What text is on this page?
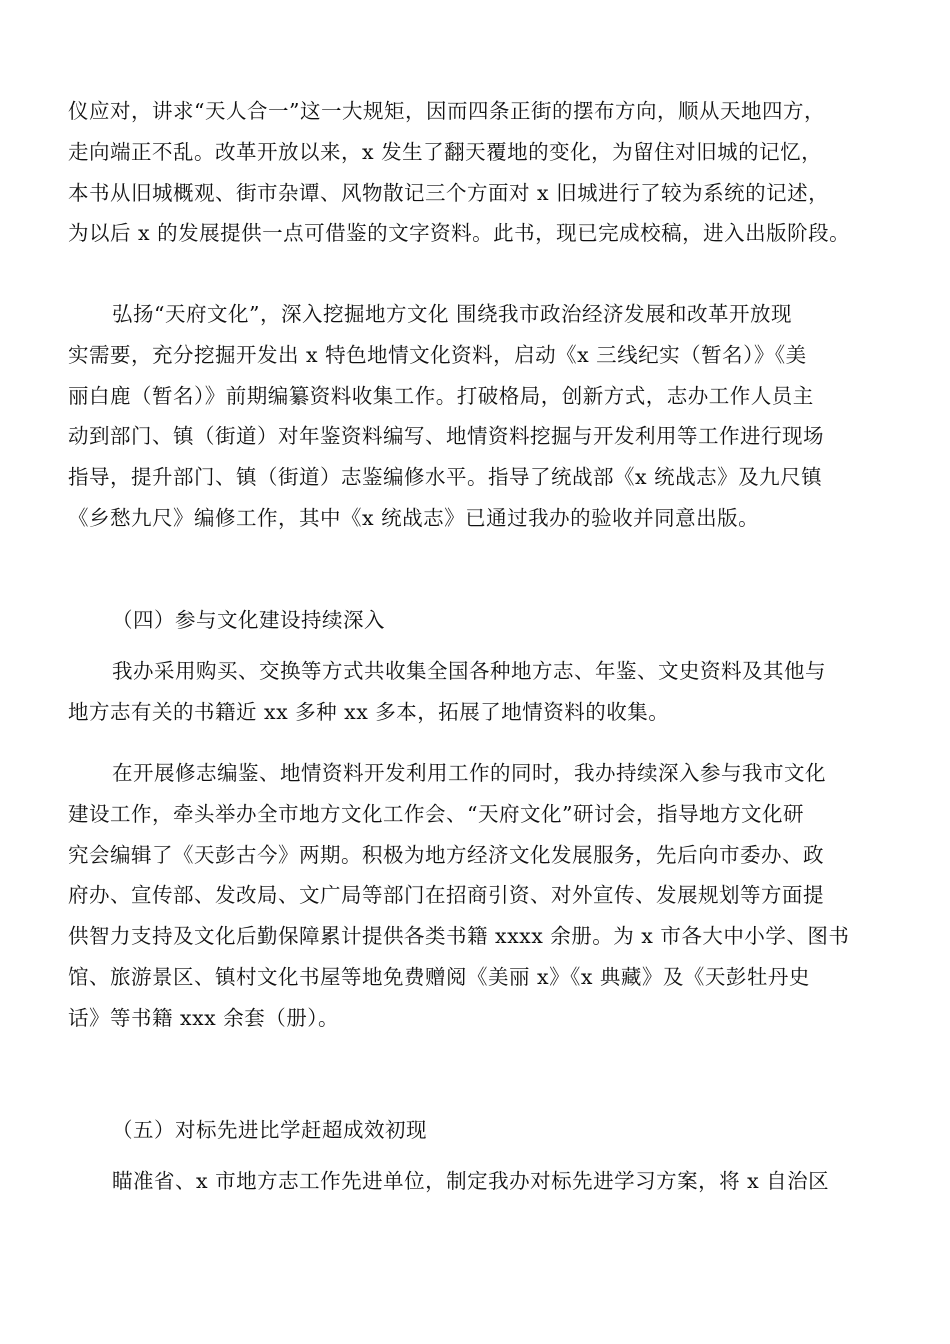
仪应对，讲求“天人合一”这一大规矩，因而四条正街的摆布方向，顺从天地四方，
走向端正不乱。改革开放以来，x 发生了翻天覆地的变化，为留住对旧城的记忆，
本书从旧城概观、街市杂谭、风物散记三个方面对 x 旧城进行了较为系统的记述，
为以后 x 的发展提供一点可借鉴的文字资料。此书，现已完成校稿，进入出版阶段。
弘扬“天府文化”，深入挖掘地方文化 围绕我市政治经济发展和改革开放现
实需要，充分挖掘开发出 x 特色地情文化资料，启动《x 三线纪实（暂名）》《美
丽白鹿（暂名）》前期编纂资料收集工作。打破格局，创新方式，志办工作人员主
动到部门、镇（街道）对年鉴资料编写、地情资料挖掘与开发利用等工作进行现场
指导，提升部门、镇（街道）志鉴编修水平。指导了统战部《x 统战志》及九尺镇
《乡愁九尺》编修工作，其中《x 统战志》已通过我办的验收并同意出版。
（四）参与文化建设持续深入
我办采用购买、交换等方式共收集全国各种地方志、年鉴、文史资料及其他与
地方志有关的书籍近 xx 多种 xx 多本，拓展了地情资料的收集。
在开展修志编鉴、地情资料开发利用工作的同时，我办持续深入参与我市文化
建设工作，牵头举办全市地方文化工作会、“天府文化”研讨会，指导地方文化研
究会编辑了《天彭古今》两期。积极为地方经济文化发展服务，先后向市委办、政
府办、宣传部、发改局、文广局等部门在招商引资、对外宣传、发展规划等方面提
供智力支持及文化后勤保障累计提供各类书籍 xxxx 余册。为 x 市各大中小学、图书
馆、旅游景区、镇村文化书屋等地免费赠阅《美丽 x》《x 典藏》及《天彭牡丹史
话》等书籍 xxx 余套（册）。
（五）对标先进比学赶超成效初现
瞄准省、x 市地方志工作先进单位，制定我办对标先进学习方案，将 x 自治区
